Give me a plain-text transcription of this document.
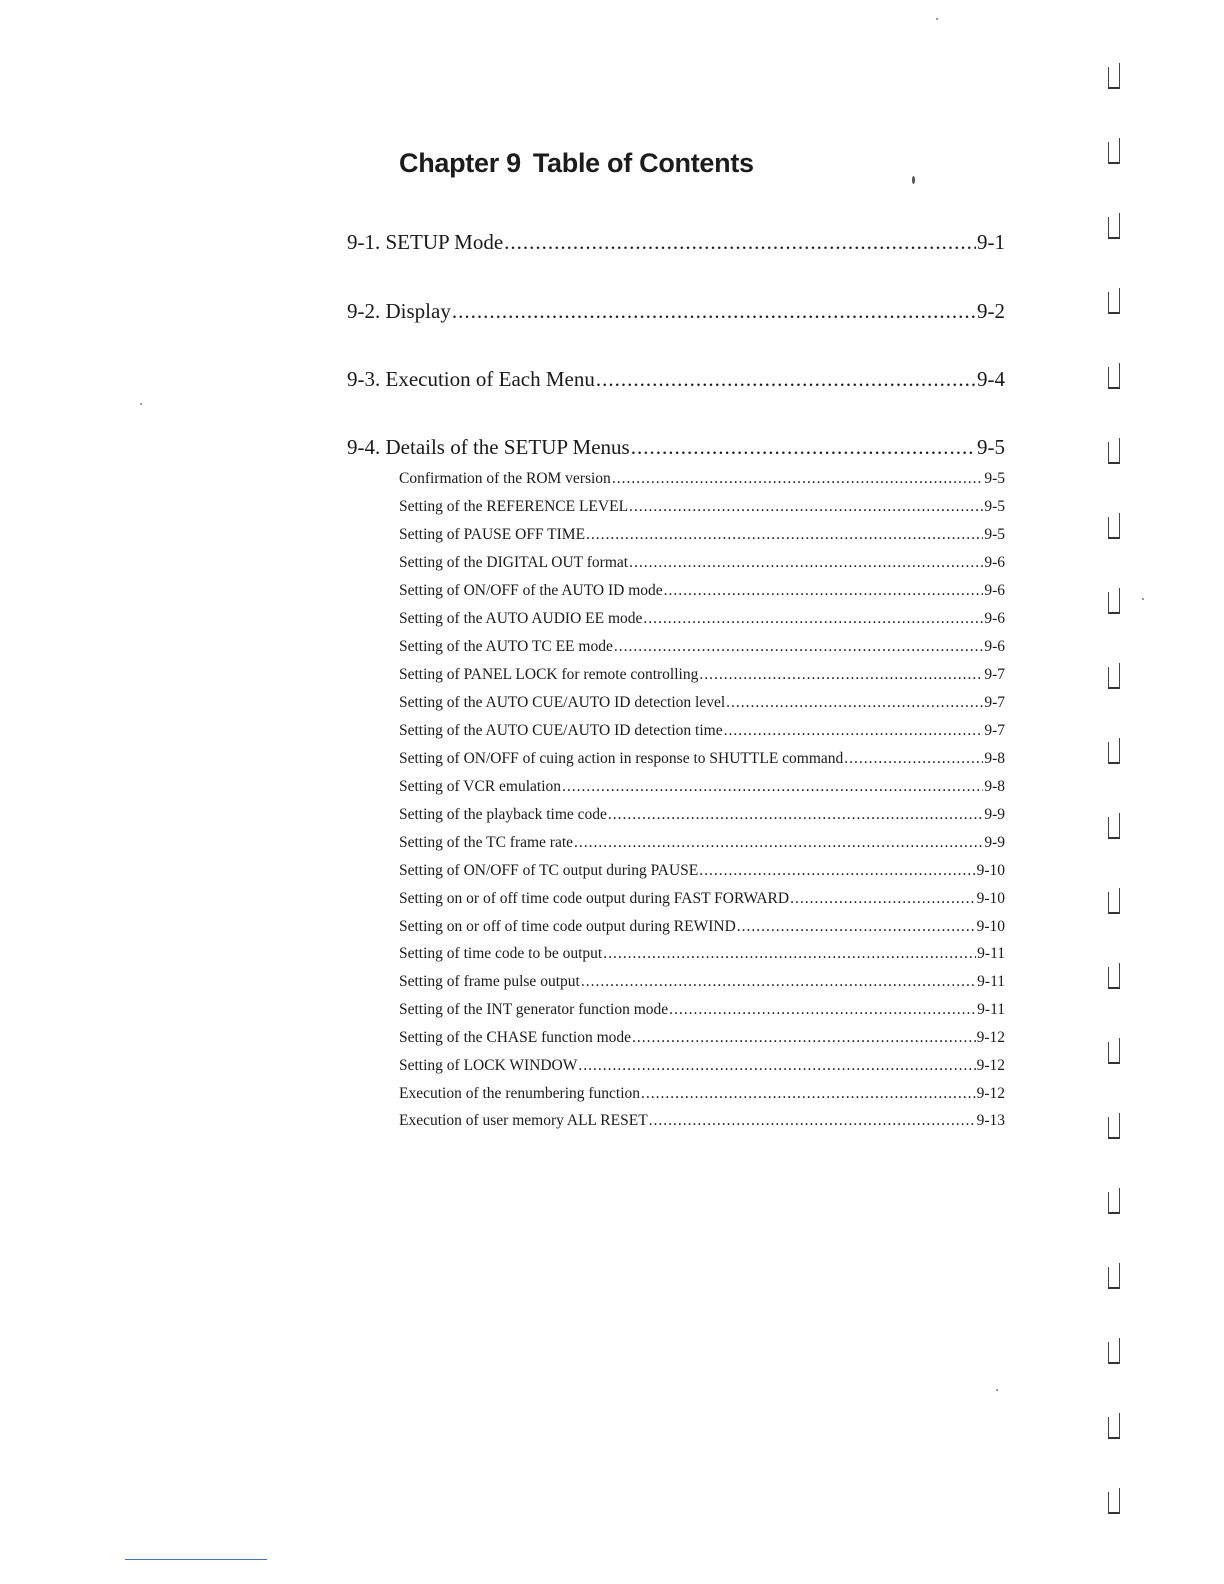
Chapter 9 Table of Contents
9-1. SETUP Mode .....	9-1
9-2. Display .....	9-2
9-3. Execution of Each Menu .....	9-4
9-4. Details of the SETUP Menus .....	9-5
Confirmation of the ROM version .....	9-5
Setting of the REFERENCE LEVEL .....	9-5
Setting of PAUSE OFF TIME .....	9-5
Setting of the DIGITAL OUT format .....	9-6
Setting of ON/OFF of the AUTO ID mode .....	9-6
Setting of the AUTO AUDIO EE mode .....	9-6
Setting of the AUTO TC EE mode .....	9-6
Setting of PANEL LOCK for remote controlling .....	9-7
Setting of the AUTO CUE/AUTO ID detection level .....	9-7
Setting of the AUTO CUE/AUTO ID detection time .....	9-7
Setting of ON/OFF of cuing action in response to SHUTTLE command .....	9-8
Setting of VCR emulation .....	9-8
Setting of the playback time code .....	9-9
Setting of the TC frame rate .....	9-9
Setting of ON/OFF of TC output during PAUSE .....	9-10
Setting on or of off time code output during FAST FORWARD .....	9-10
Setting on or off of time code output during REWIND .....	9-10
Setting of time code to be output .....	9-11
Setting of frame pulse output .....	9-11
Setting of the INT generator function mode .....	9-11
Setting of the CHASE function mode .....	9-12
Setting of LOCK WINDOW .....	9-12
Execution of the renumbering function .....	9-12
Execution of user memory ALL RESET .....	9-13
